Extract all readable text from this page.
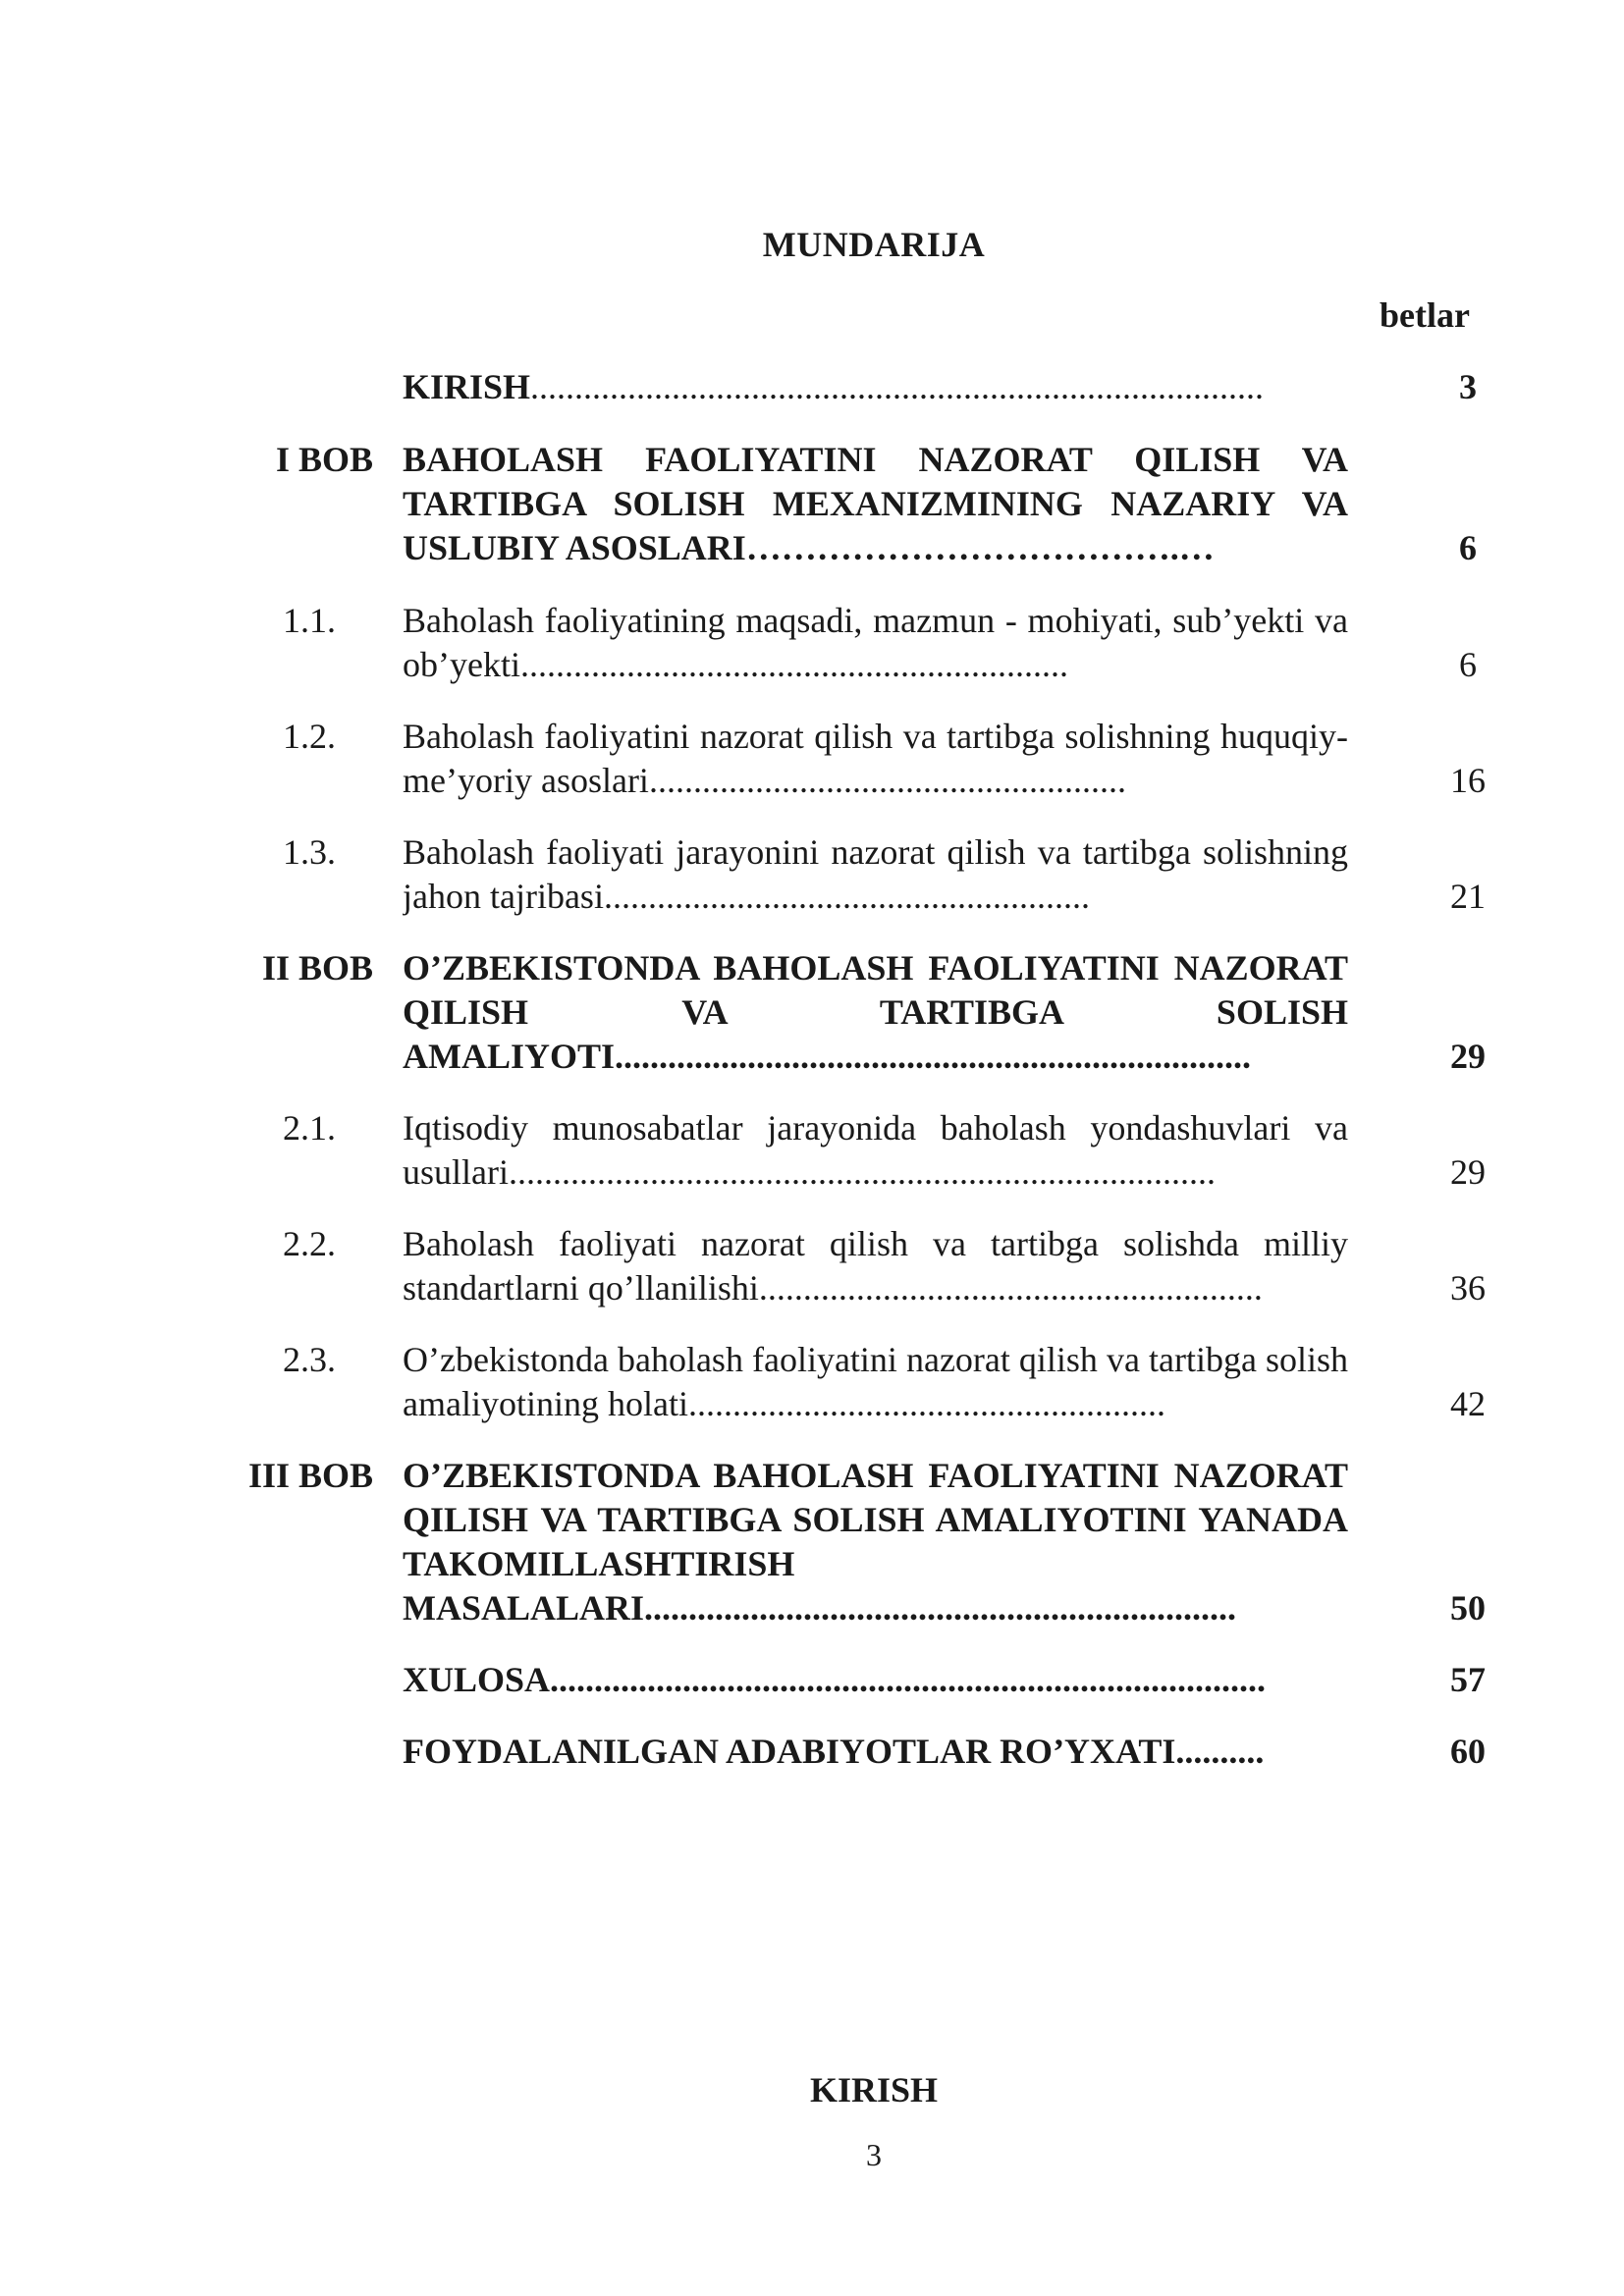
MUNDARIJA
betlar
KIRISH...................................................................................	3
I BOB BAHOLASH FAOLIYATINI NAZORAT QILISH VA TARTIBGA SOLISH MEXANIZMINING NAZARIY VA USLUBIY ASOSLARI……………………………….…	6
1.1. Baholash faoliyatining maqsadi, mazmun - mohiyati, sub’yekti va ob’yekti..............................................................	6
1.2. Baholash faoliyatini nazorat qilish va tartibga solishning huquqiy-me’yoriy asoslari......................................................	16
1.3. Baholash faoliyati jarayonini nazorat qilish va tartibga solishning jahon tajribasi.......................................................	21
II BOB O’ZBEKISTONDA BAHOLASH FAOLIYATINI NAZORAT QILISH VA TARTIBGA SOLISH AMALIYOTI........................................................................	29
2.1. Iqtisodiy munosabatlar jarayonida baholash yondashuvlari va usullari................................................................................	29
2.2. Baholash faoliyati nazorat qilish va tartibga solishda milliy standartlarni qo’llanilishi.........................................................	36
2.3. O’zbekistonda baholash faoliyatini nazorat qilish va tartibga solish amaliyotining holati......................................................	42
III BOB O’ZBEKISTONDA BAHOLASH FAOLIYATINI NAZORAT QILISH VA TARTIBGA SOLISH AMALIYOTINI YANADA TAKOMILLASHTIRISH MASALALARI...................................................................	50
XULOSA.................................................................................	57
FOYDALANILGAN ADABIYOTLAR RO’YXATI..........	60
KIRISH
3
